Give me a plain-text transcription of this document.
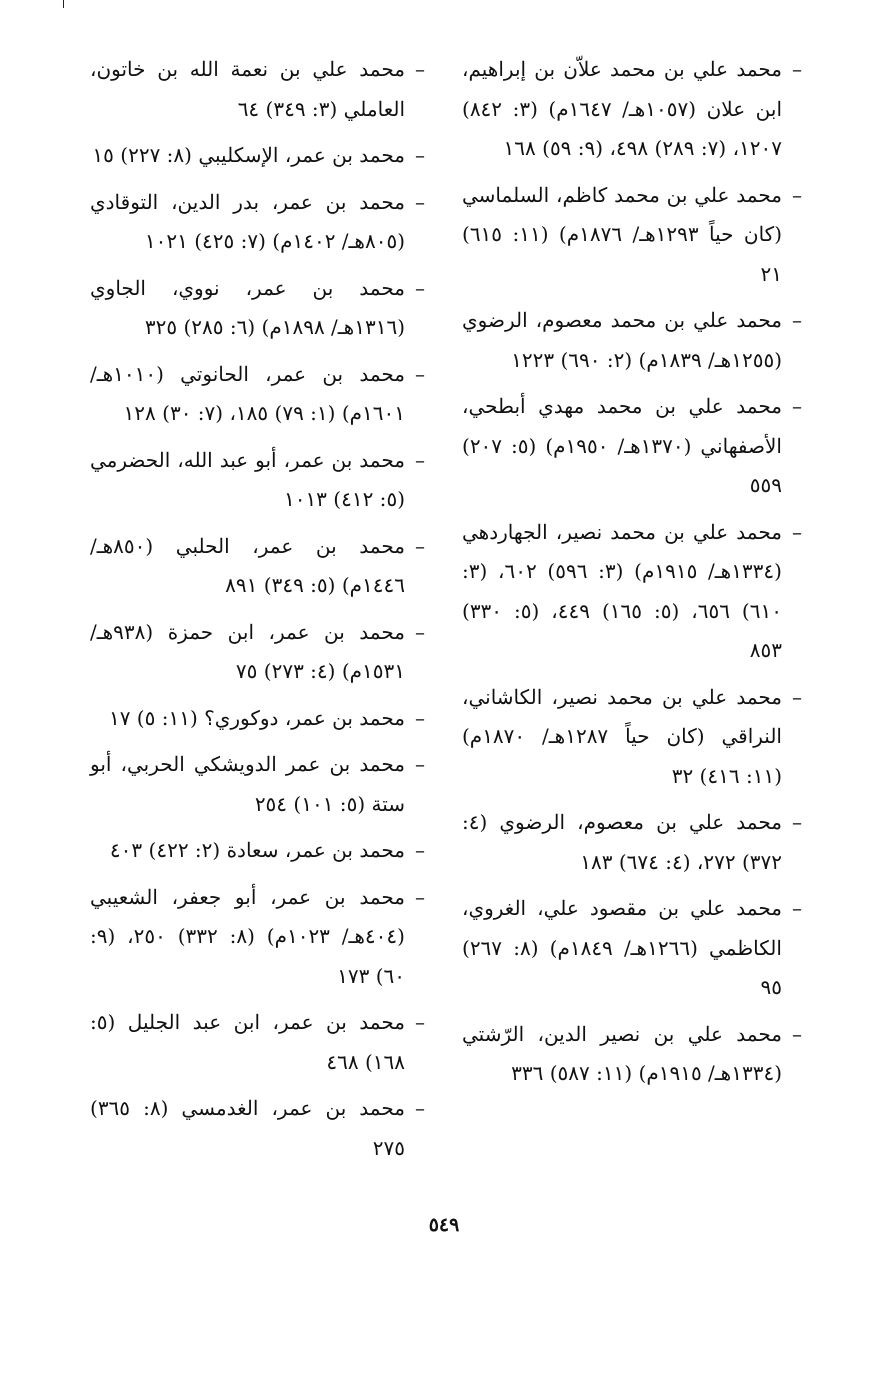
– محمد علي بن محمد علاّن بن إبراهيم، ابن علان (١٠٥٧هـ/ ١٦٤٧م) (٣: ٨٤٢) ١٢٠٧، (٧: ٢٨٩) ٤٩٨، (٩: ٥٩) ١٦٨
– محمد علي بن محمد كاظم، السلماسي (كان حياً ١٢٩٣هـ/ ١٨٧٦م) (١١: ٦١٥) ٢١
– محمد علي بن محمد معصوم، الرضوي (١٢٥٥هـ/ ١٨٣٩م) (٢: ٦٩٠) ١٢٢٣
– محمد علي بن محمد مهدي أبطحي، الأصفهاني (١٣٧٠هـ/ ١٩٥٠م) (٥: ٢٠٧) ٥٥٩
– محمد علي بن محمد نصير، الجهاردهي (١٣٣٤هـ/ ١٩١٥م) (٣: ٥٩٦) ٦٠٢، (٣: ٦١٠) ٦٥٦، (٥: ١٦٥) ٤٤٩، (٥: ٣٣٠) ٨٥٣
– محمد علي بن محمد نصير، الكاشاني، النراقي (كان حياً ١٢٨٧هـ/ ١٨٧٠م) (١١: ٤١٦) ٣٢
– محمد علي بن معصوم، الرضوي (٤: ٣٧٢) ٢٧٢، (٤: ٦٧٤) ١٨٣
– محمد علي بن مقصود علي، الغروي، الكاظمي (١٢٦٦هـ/ ١٨٤٩م) (٨: ٢٦٧) ٩٥
– محمد علي بن نصير الدين، الرّشتي (١٣٣٤هـ/ ١٩١٥م) (١١: ٥٨٧) ٣٣٦
– محمد علي بن نعمة الله بن خاتون، العاملي (٣: ٣٤٩) ٦٤
– محمد بن عمر، الإسكليبي (٨: ٢٢٧) ١٥
– محمد بن عمر، بدر الدين، التوقادي (٨٠٥هـ/ ١٤٠٢م) (٧: ٤٢٥) ١٠٢١
– محمد بن عمر، نووي، الجاوي (١٣١٦هـ/ ١٨٩٨م) (٦: ٢٨٥) ٣٢٥
– محمد بن عمر، الحانوتي (١٠١٠هـ/ ١٦٠١م) (١: ٧٩) ١٨٥، (٧: ٣٠) ١٢٨
– محمد بن عمر، أبو عبد الله، الحضرمي (٥: ٤١٢) ١٠١٣
– محمد بن عمر، الحلبي (٨٥٠هـ/ ١٤٤٦م) (٥: ٣٤٩) ٨٩١
– محمد بن عمر، ابن حمزة (٩٣٨هـ/ ١٥٣١م) (٤: ٢٧٣) ٧٥
– محمد بن عمر، دوكوري؟ (١١: ٥) ١٧
– محمد بن عمر الدويشكي الحربي، أبو ستة (٥: ١٠١) ٢٥٤
– محمد بن عمر، سعادة (٢: ٤٢٢) ٤٠٣
– محمد بن عمر، أبو جعفر، الشعيبي (٤٠٤هـ/ ١٠٢٣م) (٨: ٣٣٢) ٢٥٠، (٩: ٦٠) ١٧٣
– محمد بن عمر، ابن عبد الجليل (٥: ١٦٨) ٤٦٨
– محمد بن عمر، الغدمسي (٨: ٣٦٥) ٢٧٥
٥٤٩
